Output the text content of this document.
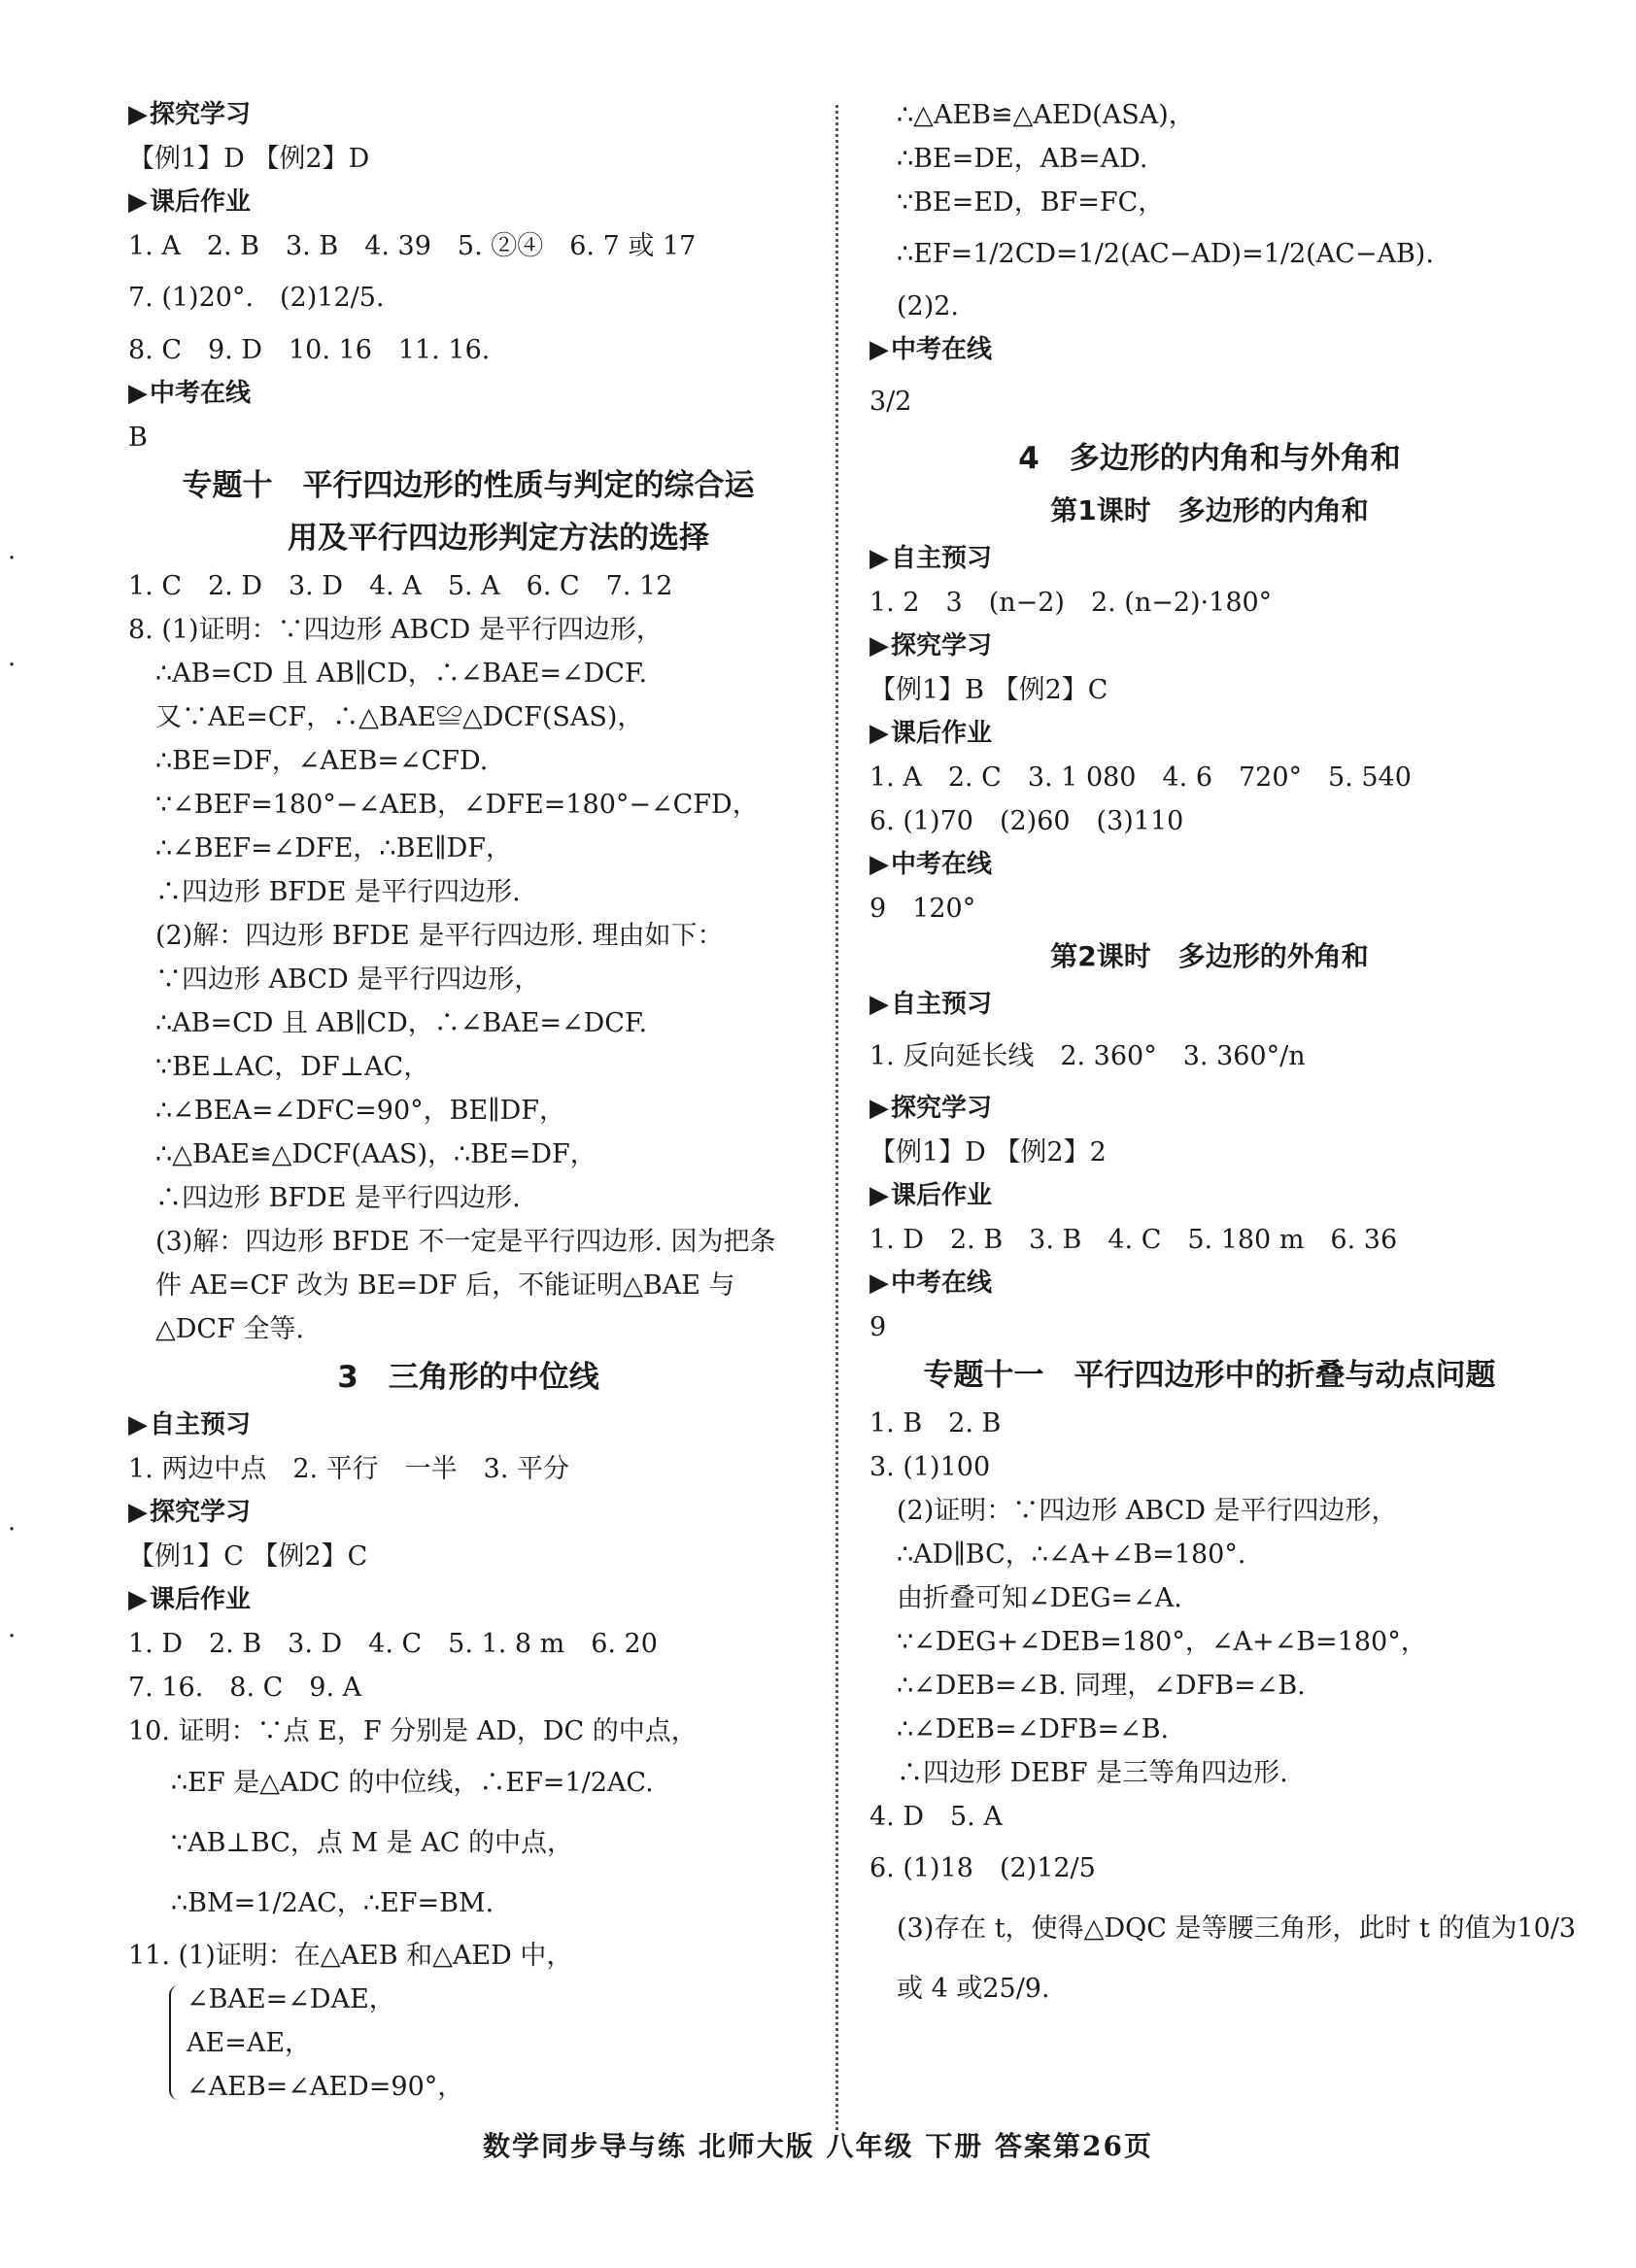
▶探究学习
【例1】D 【例2】D
▶课后作业
1. A　2. B　3. B　4. 39　5. ②④　6. 7 或 17
7. (1)20°.　(2)12/5.
8. C　9. D　10. 16　11. 16.
▶中考在线
B
专题十　平行四边形的性质与判定的综合运
　　用及平行四边形判定方法的选择
1. C　2. D　3. D　4. A　5. A　6. C　7. 12
8. (1)证明：∵四边形 ABCD 是平行四边形，
∴AB=CD 且 AB∥CD，∴∠BAE=∠DCF.
又∵AE=CF，∴△BAE≌△DCF(SAS)，
∴BE=DF，∠AEB=∠CFD.
∵∠BEF=180°−∠AEB，∠DFE=180°−∠CFD，
∴∠BEF=∠DFE，∴BE∥DF，
∴四边形 BFDE 是平行四边形.
(2)解：四边形 BFDE 是平行四边形. 理由如下：
∵四边形 ABCD 是平行四边形，
∴AB=CD 且 AB∥CD，∴∠BAE=∠DCF.
∵BE⊥AC，DF⊥AC，
∴∠BEA=∠DFC=90°，BE∥DF，
∴△BAE≌△DCF(AAS)，∴BE=DF，
∴四边形 BFDE 是平行四边形.
(3)解：四边形 BFDE 不一定是平行四边形. 因为把条
件 AE=CF 改为 BE=DF 后，不能证明△BAE 与
△DCF 全等.
3　三角形的中位线
▶自主预习
1. 两边中点　2. 平行　一半　3. 平分
▶探究学习
【例1】C 【例2】C
▶课后作业
1. D　2. B　3. D　4. C　5. 1. 8 m　6. 20
7. 16.　8. C　9. A
10. 证明：∵点 E，F 分别是 AD，DC 的中点，
∴EF 是△ADC 的中位线，∴EF=1/2AC.
∵AB⊥BC，点 M 是 AC 的中点，
∴BM=1/2AC，∴EF=BM.
11. (1)证明：在△AEB 和△AED 中，
∠BAE=∠DAE，
AE=AE，
∠AEB=∠AED=90°，
∴△AEB≌△AED(ASA)，
∴BE=DE，AB=AD.
∵BE=ED，BF=FC，
∴EF=1/2CD=1/2(AC−AD)=1/2(AC−AB).
(2)2.
▶中考在线
3/2
4　多边形的内角和与外角和
第1课时　多边形的内角和
▶自主预习
1. 2　3　(n−2)　2. (n−2)·180°
▶探究学习
【例1】B 【例2】C
▶课后作业
1. A　2. C　3. 1 080　4. 6　720°　5. 540
6. (1)70　(2)60　(3)110
▶中考在线
9　120°
第2课时　多边形的外角和
▶自主预习
1. 反向延长线　2. 360°　3. 360°/n
▶探究学习
【例1】D 【例2】2
▶课后作业
1. D　2. B　3. B　4. C　5. 180 m　6. 36
▶中考在线
9
专题十一　平行四边形中的折叠与动点问题
1. B　2. B
3. (1)100
(2)证明：∵四边形 ABCD 是平行四边形，
∴AD∥BC，∴∠A+∠B=180°.
由折叠可知∠DEG=∠A.
∵∠DEG+∠DEB=180°，∠A+∠B=180°，
∴∠DEB=∠B. 同理，∠DFB=∠B.
∴∠DEB=∠DFB=∠B.
∴四边形 DEBF 是三等角四边形.
4. D　5. A
6. (1)18　(2)12/5
(3)存在 t，使得△DQC 是等腰三角形，此时 t 的值为10/3
或 4 或25/9.
数学同步导与练 北师大版 八年级 下册 答案第26页
·
·
·
·
